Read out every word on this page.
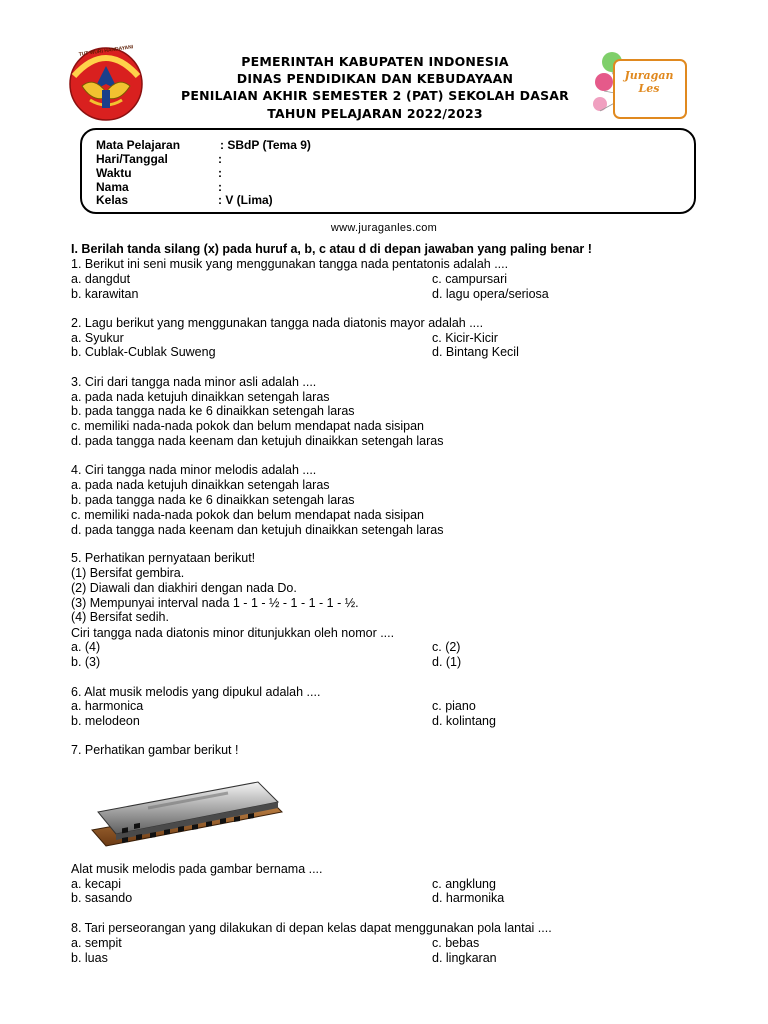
TUT WURI HANDAYANI
PEMERINTAH KABUPATEN INDONESIA
DINAS PENDIDIKAN DAN KEBUDAYAAN
PENILAIAN AKHIR SEMESTER 2 (PAT) SEKOLAH DASAR
TAHUN PELAJARAN 2022/2023
Juragan
Les
Mata Pelajaran	: SBdP (Tema 9)
Hari/Tanggal	:
Waktu	:
Nama	:
Kelas	: V (Lima)
www.juraganles.com
I. Berilah tanda silang (x) pada huruf a, b, c atau d di depan jawaban yang paling benar !
1. Berikut ini seni musik yang menggunakan tangga nada pentatonis adalah ....
a. dangdut	c. campursari
b. karawitan	d. lagu opera/seriosa
2. Lagu berikut yang menggunakan tangga nada diatonis mayor adalah ....
a. Syukur	c. Kicir-Kicir
b. Cublak-Cublak Suweng	d. Bintang Kecil
3. Ciri dari tangga nada minor asli adalah ....
a. pada nada ketujuh dinaikkan setengah laras
b. pada tangga nada ke 6 dinaikkan setengah laras
c. memiliki nada-nada pokok dan belum mendapat nada sisipan
d. pada tangga nada keenam dan ketujuh dinaikkan setengah laras
4. Ciri tangga nada minor melodis adalah ....
a. pada nada ketujuh dinaikkan setengah laras
b. pada tangga nada ke 6 dinaikkan setengah laras
c. memiliki nada-nada pokok dan belum mendapat nada sisipan
d. pada tangga nada keenam dan ketujuh dinaikkan setengah laras
5. Perhatikan pernyataan berikut!
(1) Bersifat gembira.
(2) Diawali dan diakhiri dengan nada Do.
(3) Mempunyai interval nada 1 - 1 - ½ - 1 - 1 - 1 - ½.
(4) Bersifat sedih.
Ciri tangga nada diatonis minor ditunjukkan oleh nomor ....
a. (4)	c. (2)
b. (3)	d. (1)
6. Alat musik melodis yang dipukul adalah ....
a. harmonica	c. piano
b. melodeon	d. kolintang
7. Perhatikan gambar berikut !
Alat musik melodis pada gambar bernama ....
a. kecapi	c. angklung
b. sasando	d. harmonika
8. Tari perseorangan yang dilakukan di depan kelas dapat menggunakan pola lantai ....
a. sempit	c. bebas
b. luas	d. lingkaran
